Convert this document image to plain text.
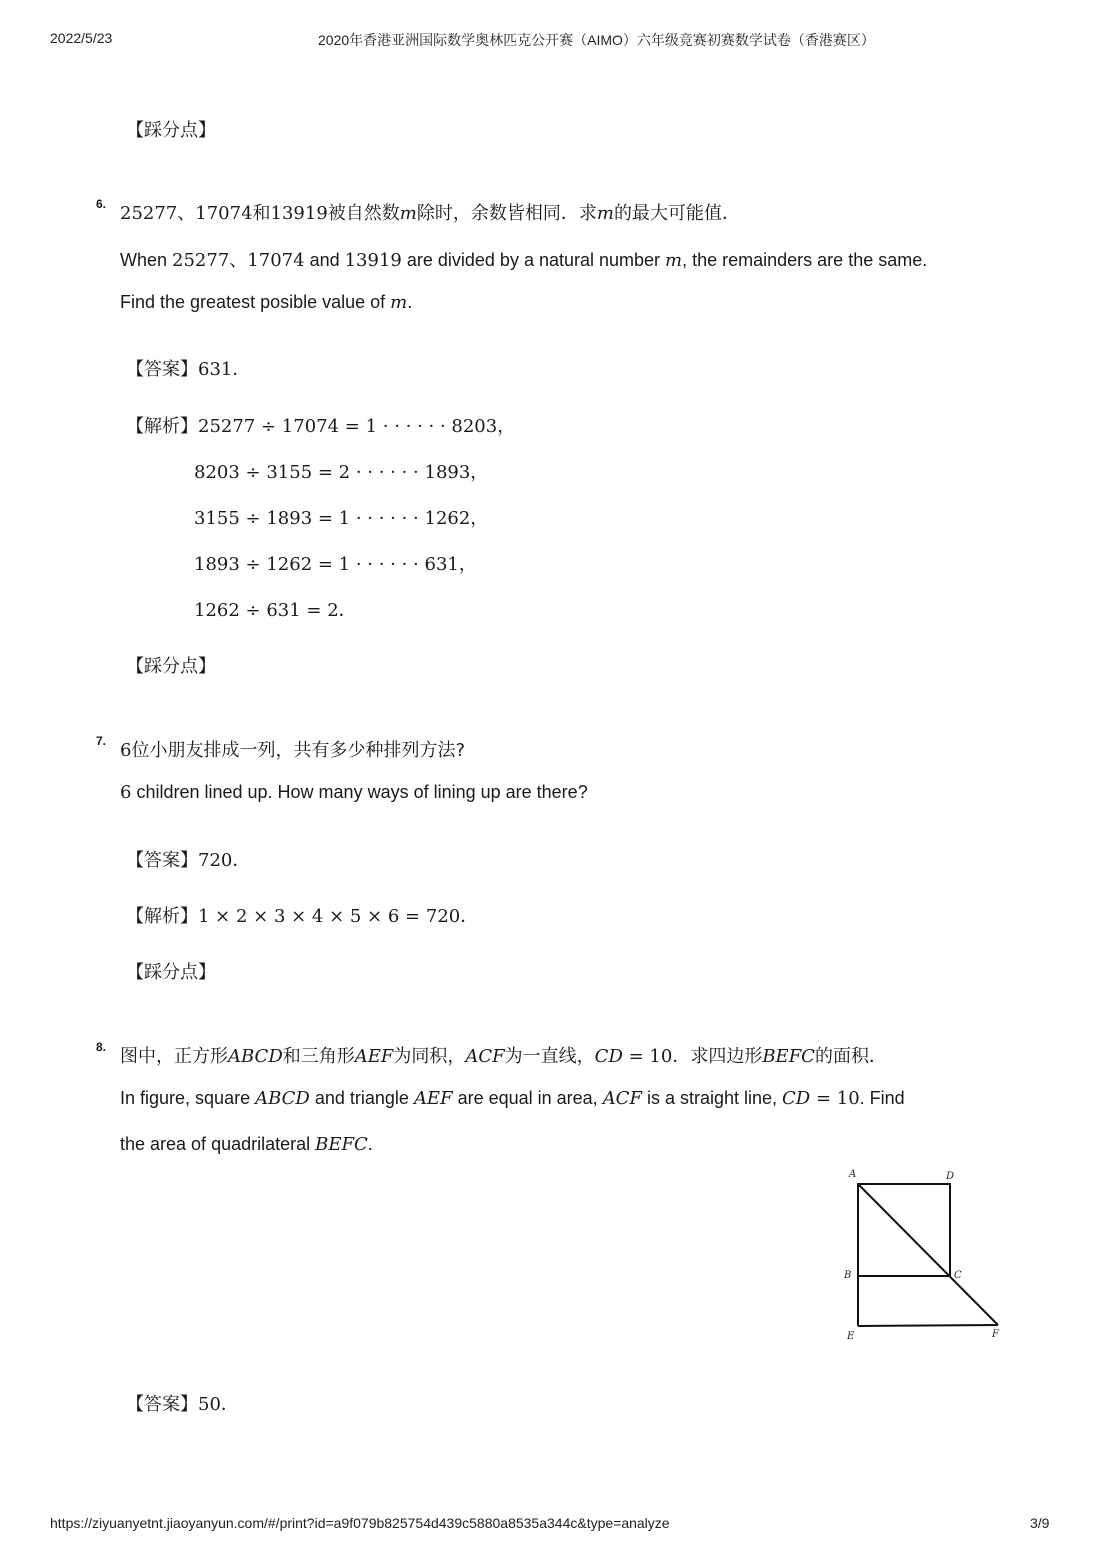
2022/5/23	2020年香港亚洲国际数学奥林匹克公开赛（AIMO）六年级竞赛初赛数学试卷（香港赛区）
【踩分点】
6. 25277、17074和13919被自然数m除时，余数皆相同．求m的最大可能值．
When 25277、17074 and 13919 are divided by a natural number m, the remainders are the same.
Find the greatest posible value of m.
【答案】631．
【解析】25277 ÷ 17074 = 1 · · · · · · 8203，
8203 ÷ 3155 = 2 · · · · · · 1893，
3155 ÷ 1893 = 1 · · · · · · 1262，
1893 ÷ 1262 = 1 · · · · · · 631，
1262 ÷ 631 = 2．
【踩分点】
7. 6位小朋友排成一列，共有多少种排列方法?
6 children lined up. How many ways of lining up are there?
【答案】720．
【解析】1 × 2 × 3 × 4 × 5 × 6 = 720．
【踩分点】
8. 图中，正方形ABCD和三角形AEF为同积，ACF为一直线，CD = 10．求四边形BEFC的面积．
In figure, square ABCD and triangle AEF are equal in area, ACF is a straight line, CD = 10. Find
the area of quadrilateral BEFC.
A	D
B	C
E	F
【答案】50．
https://ziyuanyetnt.jiaoyanyun.com/#/print?id=a9f079b825754d439c5880a8535a344c&type=analyze	3/9
